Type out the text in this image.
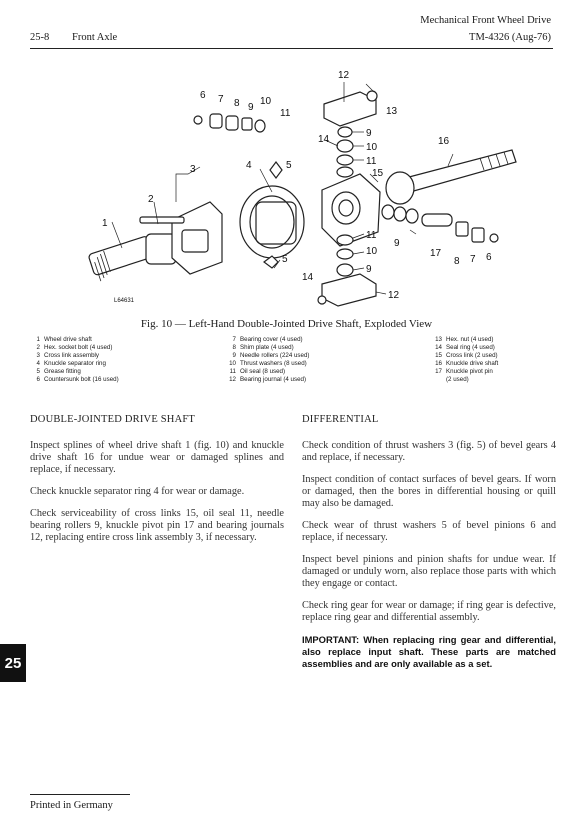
25-8 Front Axle
Mechanical Front Wheel Drive
TM-4326 (Aug-76)
12
6 7 8 9
10
11	13
14
9
10
11
16
15
3	4	5
2
1
11
10
9
17
8 7 6
5
14
9
12
L64631
Fig. 10 — Left-Hand Double-Jointed Drive Shaft, Exploded View
1 Wheel drive shaft
2 Hex. socket bolt (4 used)
3 Cross link assembly
4 Knuckle separator ring
5 Grease fitting
6 Countersunk bolt (16 used)
7 Bearing cover (4 used)
8 Shim plate (4 used)
9 Needle rollers (224 used)
10 Thrust washers (8 used)
11 Oil seal (8 used)
12 Bearing journal (4 used)
13 Hex. nut (4 used)
14 Seal ring (4 used)
15 Cross link (2 used)
16 Knuckle drive shaft
17 Knuckle pivot pin
(2 used)

DOUBLE-JOINTED DRIVE SHAFT

Inspect splines of wheel drive shaft 1 (fig. 10) and knuckle drive shaft 16 for undue wear or damaged splines and replace, if necessary.

Check knuckle separator ring 4 for wear or damage.

Check serviceability of cross links 15, oil seal 11, needle bearing rollers 9, knuckle pivot pin 17 and bearing journals 12, replacing entire cross link assembly 3, if necessary.

DIFFERENTIAL

Check condition of thrust washers 3 (fig. 5) of bevel gears 4 and replace, if necessary.

Inspect condition of contact surfaces of bevel gears. If worn or damaged, then the bores in differential housing or quill may also be damaged.

Check wear of thrust washers 5 of bevel pinions 6 and replace, if necessary.

Inspect bevel pinions and pinion shafts for undue wear. If damaged or unduly worn, also replace those parts with which they engage or contact.

Check ring gear for wear or damage; if ring gear is defective, replace ring gear and differential assembly.

IMPORTANT: When replacing ring gear and differential, also replace input shaft. These parts are matched assemblies and are only available as a set.

25
Printed in Germany
